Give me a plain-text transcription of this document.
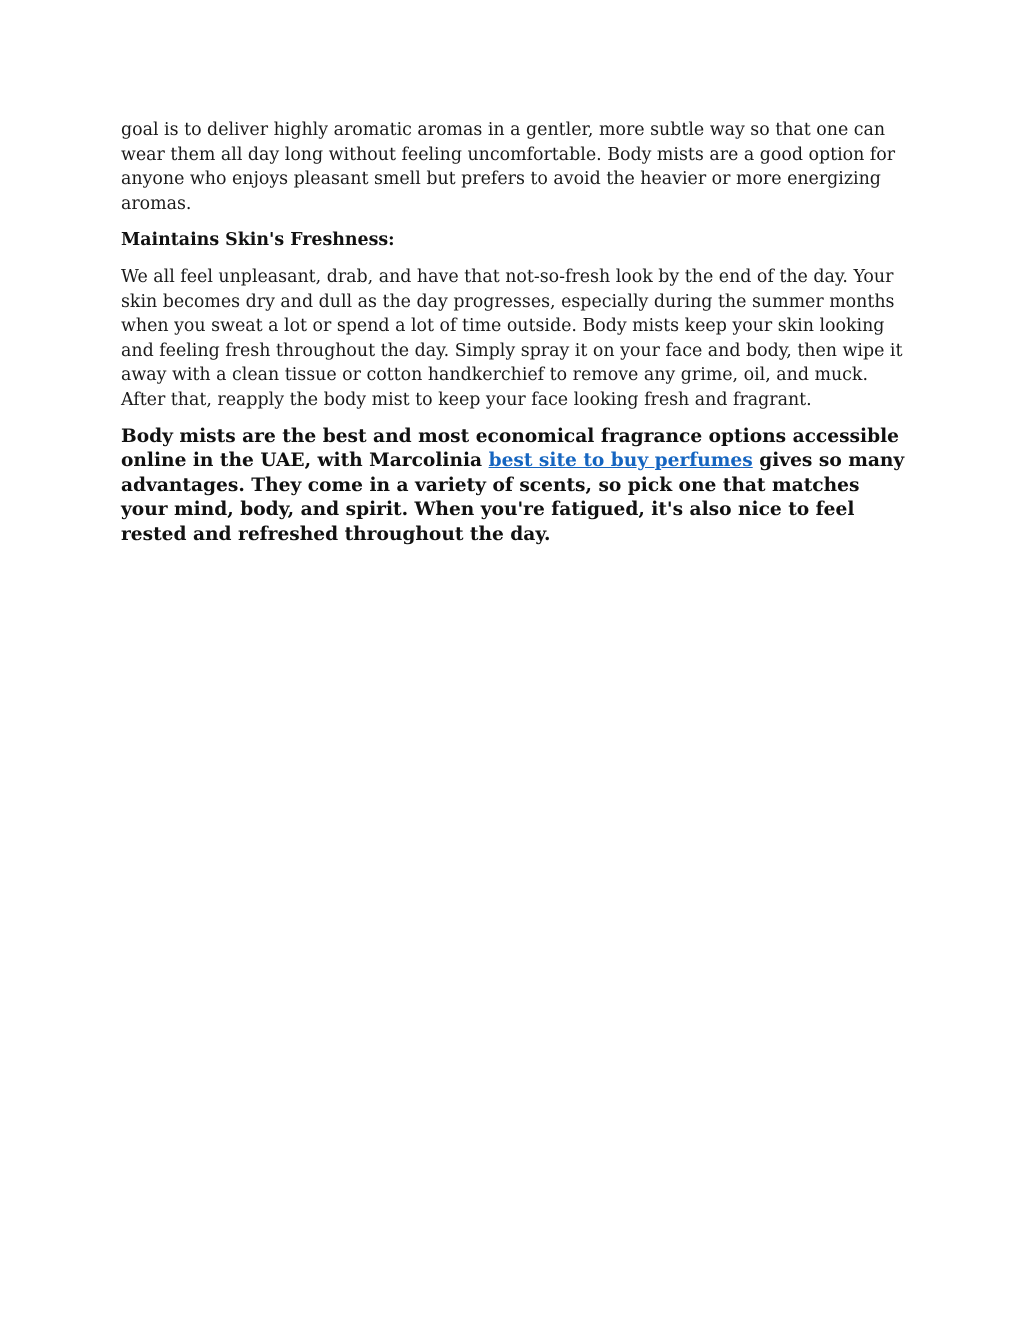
goal is to deliver highly aromatic aromas in a gentler, more subtle way so that one can wear them all day long without feeling uncomfortable. Body mists are a good option for anyone who enjoys pleasant smell but prefers to avoid the heavier or more energizing aromas.

Maintains Skin's Freshness:

We all feel unpleasant, drab, and have that not-so-fresh look by the end of the day. Your skin becomes dry and dull as the day progresses, especially during the summer months when you sweat a lot or spend a lot of time outside. Body mists keep your skin looking and feeling fresh throughout the day. Simply spray it on your face and body, then wipe it away with a clean tissue or cotton handkerchief to remove any grime, oil, and muck. After that, reapply the body mist to keep your face looking fresh and fragrant.

Body mists are the best and most economical fragrance options accessible online in the UAE, with Marcolinia best site to buy perfumes gives so many advantages. They come in a variety of scents, so pick one that matches your mind, body, and spirit. When you're fatigued, it's also nice to feel rested and refreshed throughout the day.
